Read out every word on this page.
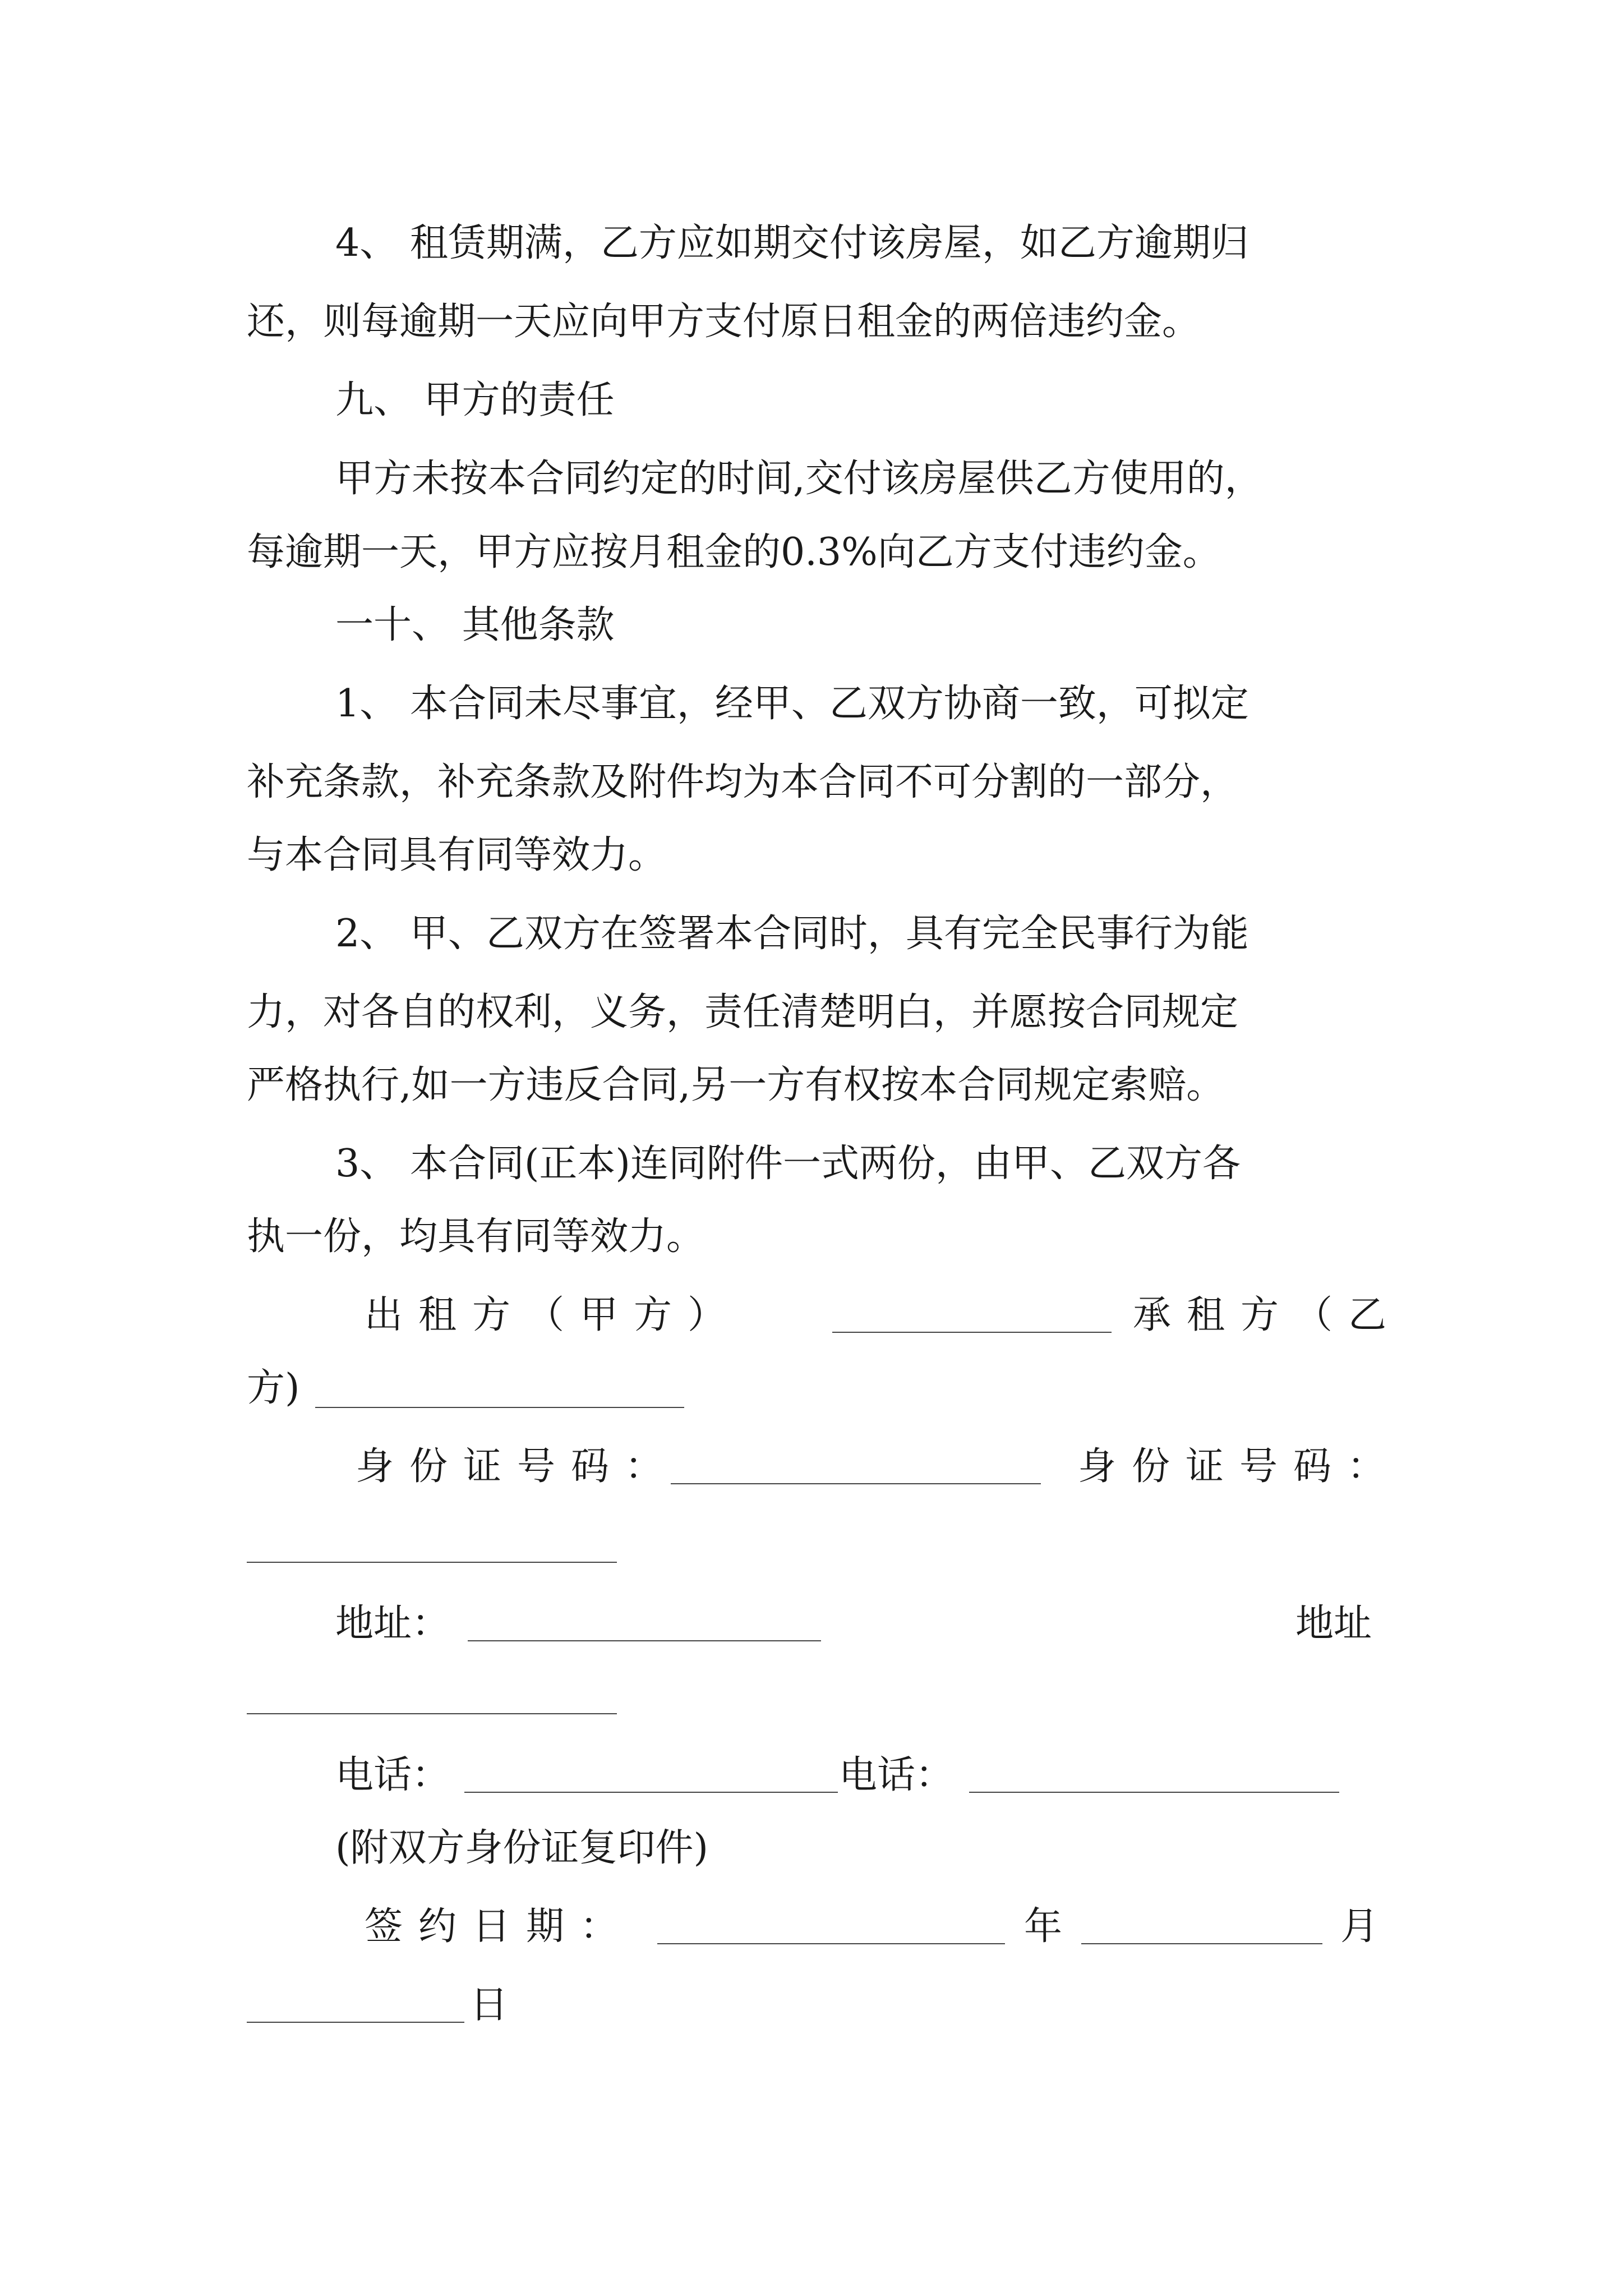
4、 租赁期满，乙方应如期交付该房屋，如乙方逾期归
还，则每逾期一天应向甲方支付原日租金的两倍违约金。
九、 甲方的责任
甲方未按本合同约定的时间,交付该房屋供乙方使用的，
每逾期一天，甲方应按月租金的0.3%向乙方支付违约金。
一十、 其他条款
1、 本合同未尽事宜，经甲、乙双方协商一致，可拟定
补充条款，补充条款及附件均为本合同不可分割的一部分，
与本合同具有同等效力。
2、 甲、乙双方在签署本合同时，具有完全民事行为能
力，对各自的权利，义务，责任清楚明白，并愿按合同规定
严格执行,如一方违反合同,另一方有权按本合同规定索赔。
3、 本合同(正本)连同附件一式两份，由甲、乙双方各
执一份，均具有同等效力。
出租方（甲方）	承租方（乙
方)
身份证号码：	身份证号码：
地址：	地址
电话：	电话：
(附双方身份证复印件)
签约日期：	年	月
日
